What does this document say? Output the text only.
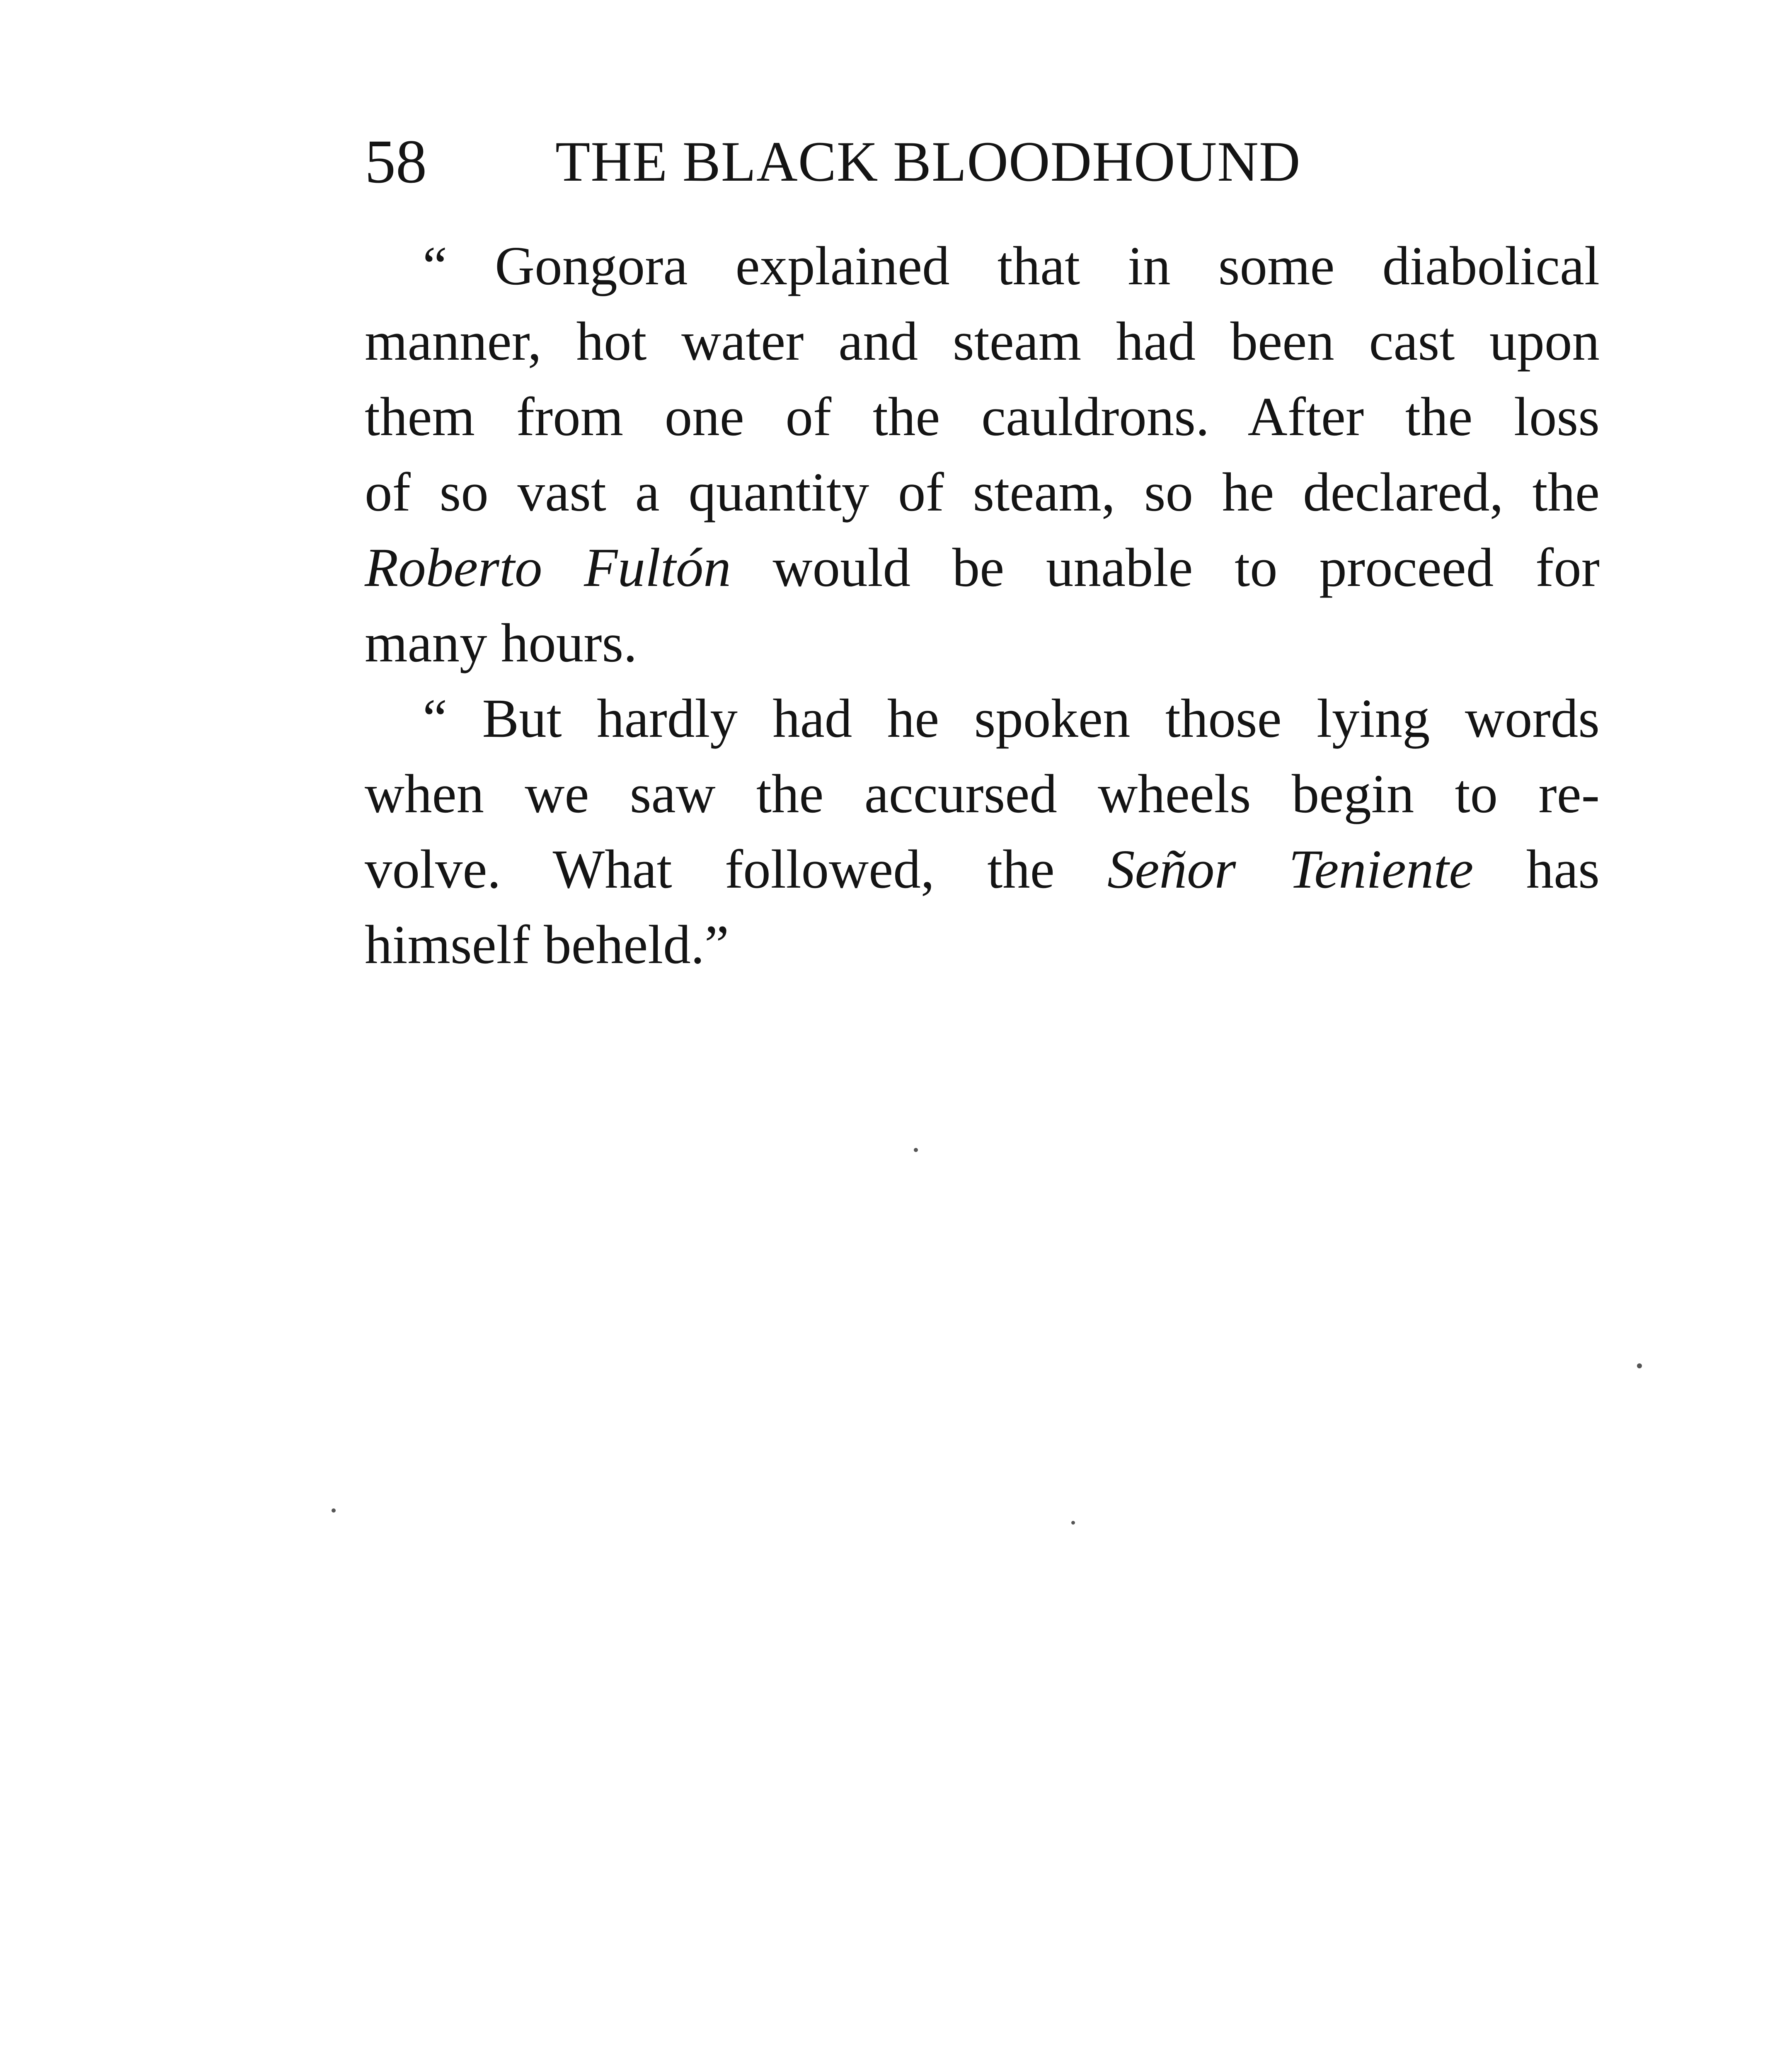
58 THE BLACK BLOODHOUND
“ Gongora explained that in some diabolical
manner, hot water and steam had been cast upon
them from one of the cauldrons. After the loss
of so vast a quantity of steam, so he declared, the
Roberto Fultón would be unable to proceed for
many hours.
“ But hardly had he spoken those lying words
when we saw the accursed wheels begin to re-
volve. What followed, the Señor Teniente has
himself beheld.”
